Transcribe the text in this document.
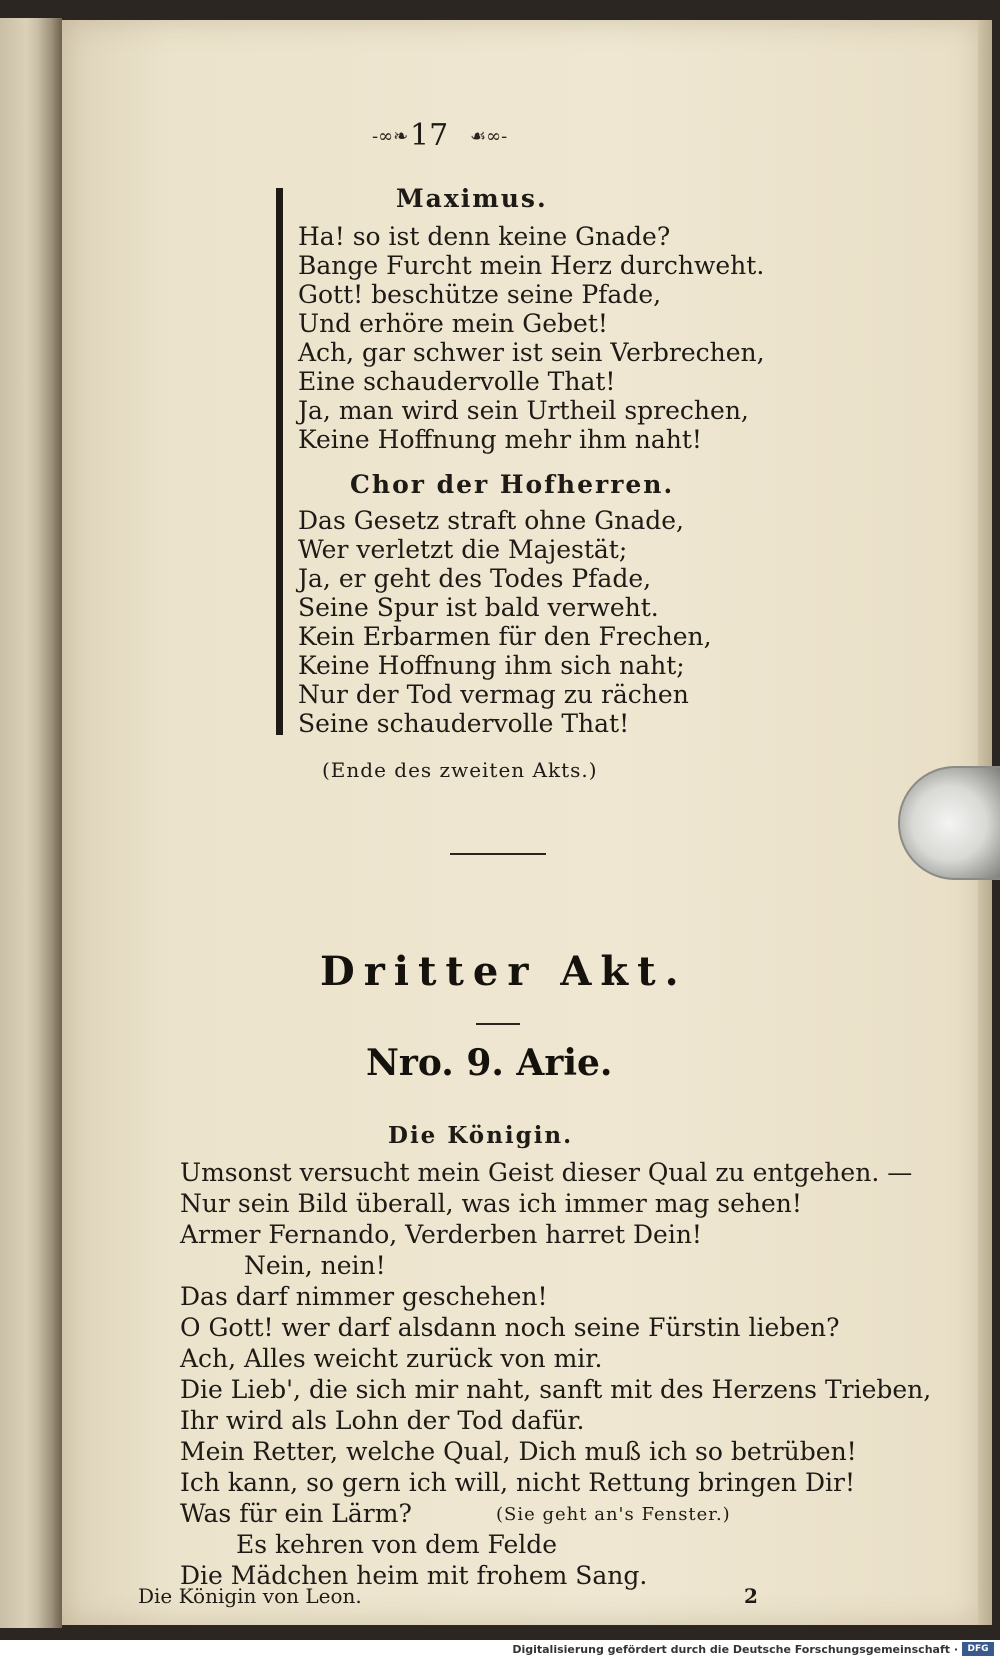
-∞❧ 17 ☙∞-
Maximus.
Ha! so ist denn keine Gnade?
Bange Furcht mein Herz durchweht.
Gott! beschütze seine Pfade,
Und erhöre mein Gebet!
Ach, gar schwer ist sein Verbrechen,
Eine schaudervolle That!
Ja, man wird sein Urtheil sprechen,
Keine Hoffnung mehr ihm naht!
Chor der Hofherren.
Das Gesetz straft ohne Gnade,
Wer verletzt die Majestät;
Ja, er geht des Todes Pfade,
Seine Spur ist bald verweht.
Kein Erbarmen für den Frechen,
Keine Hoffnung ihm sich naht;
Nur der Tod vermag zu rächen
Seine schaudervolle That!
(Ende des zweiten Akts.)
Dritter Akt.
Nro. 9. Arie.
Die Königin.
Umsonst versucht mein Geist dieser Qual zu entgehen. —
Nur sein Bild überall, was ich immer mag sehen!
Armer Fernando, Verderben harret Dein!
Nein, nein!
Das darf nimmer geschehen!
O Gott! wer darf alsdann noch seine Fürstin lieben?
Ach, Alles weicht zurück von mir.
Die Lieb', die sich mir naht, sanft mit des Herzens Trieben,
Ihr wird als Lohn der Tod dafür.
Mein Retter, welche Qual, Dich muß ich so betrüben!
Ich kann, so gern ich will, nicht Rettung bringen Dir!
Was für ein Lärm?	(Sie geht an's Fenster.)
Es kehren von dem Felde
Die Mädchen heim mit frohem Sang.
Die Königin von Leon.	2
Digitalisierung gefördert durch die Deutsche Forschungsgemeinschaft ·	DFG
